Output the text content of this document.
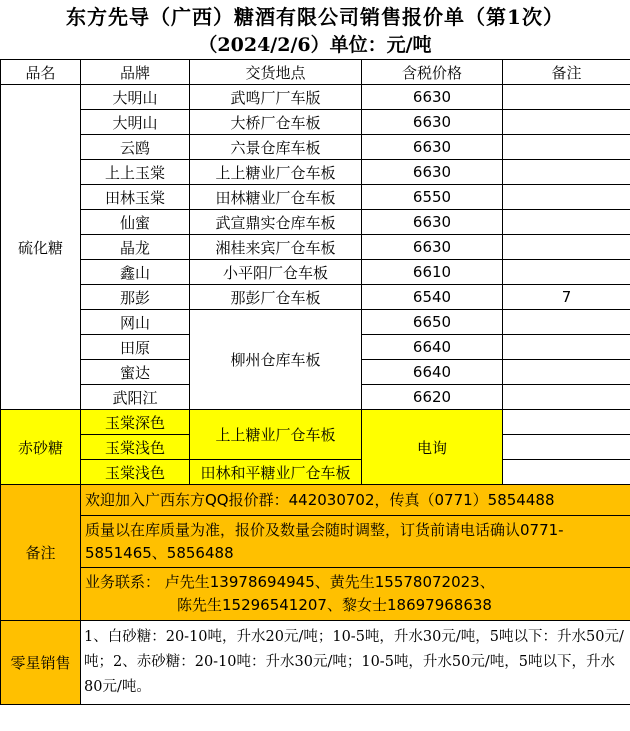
东方先导（广西）糖酒有限公司销售报价单（第1次）
（2024/2/6）单位：元/吨
品名	品牌	交货地点	含税价格	备注
硫化糖	大明山	武鸣厂厂车版	6630	
	大明山	大桥厂仓车板	6630	
	云鸥	六景仓库车板	6630	
	上上玉棠	上上糖业厂仓车板	6630	
	田林玉棠	田林糖业厂仓车板	6550	
	仙蜜	武宣鼎实仓库车板	6630	
	晶龙	湘桂来宾厂仓车板	6630	
	鑫山	小平阳厂仓车板	6610	
	那彭	那彭厂仓车板	6540	7
	网山	柳州仓库车板	6650	
	田原		6640	
	蜜达		6640	
	武阳江		6620	
赤砂糖	玉棠深色	上上糖业厂仓车板	电询	
	玉棠浅色			
	玉棠浅色	田林和平糖业厂仓车板		
备注	欢迎加入广西东方QQ报价群：442030702，传真（0771）5854488			
	质量以在库质量为准，报价及数量会随时调整，订货前请电话确认0771-5851465、5856488			

	业务联系： 卢先生13978694945、黄先生15578072023、
陈先生15296541207、黎女士18697968638			

零星销售	1、白砂糖：20-10吨，升水20元/吨；10-5吨，升水30元/吨，5吨以下：升水50元/吨；2、赤砂糖：20-10吨：升水30元/吨；10-5吨，升水50元/吨，5吨以下，升水80元/吨。			
